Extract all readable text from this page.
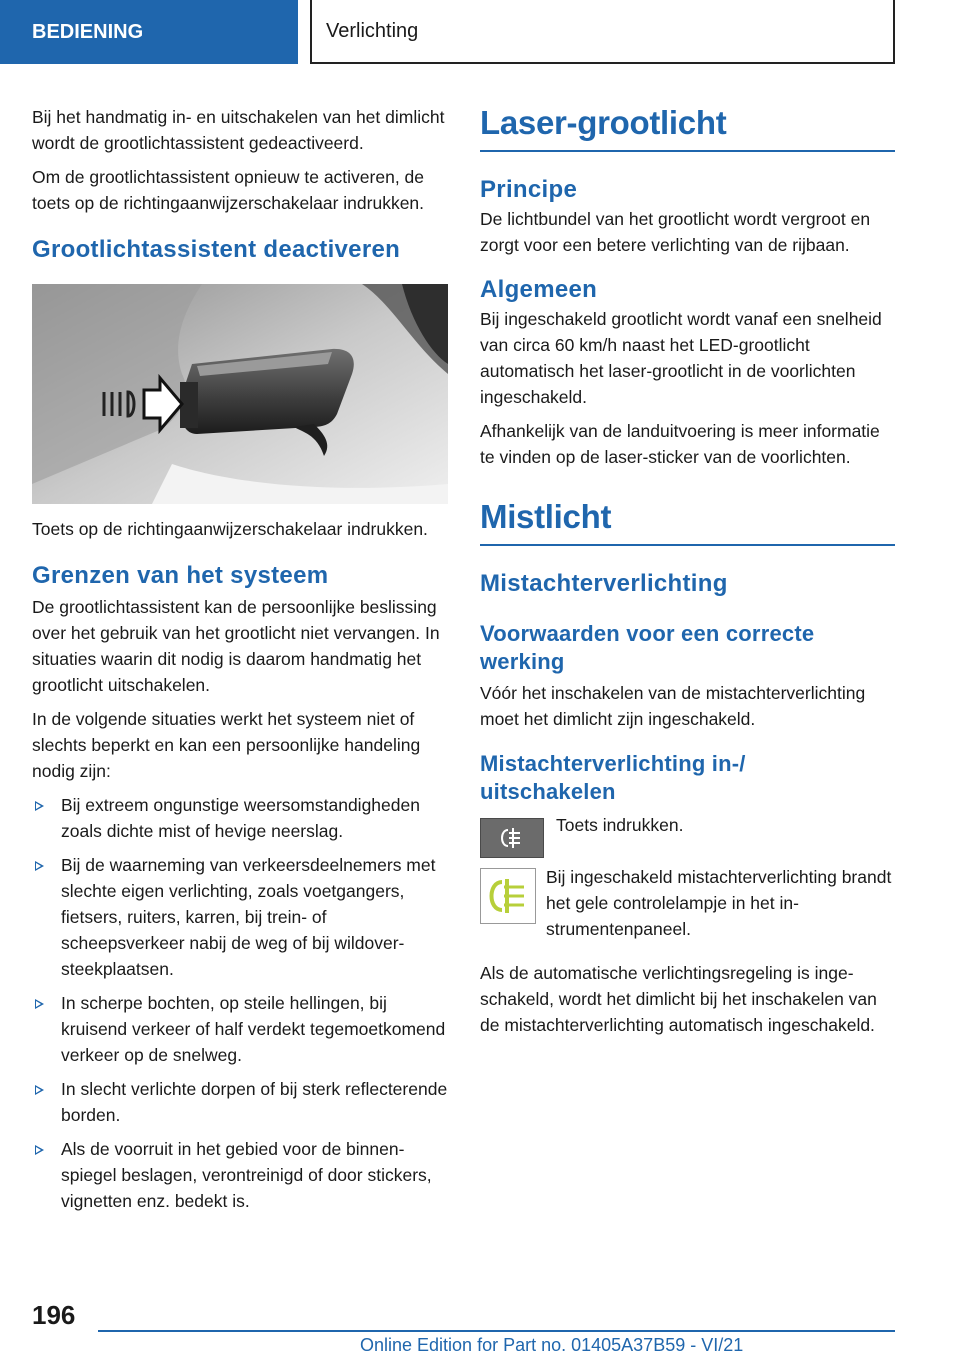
BEDIENING	Verlichting

Bij het handmatig in- en uitschakelen van het dimlicht wordt de grootlichtassistent gedeactiveerd.

Om de grootlichtassistent opnieuw te activeren, de toets op de richtingaanwijzerschakelaar indrukken.

Grootlichtassistent deactiveren

Toets op de richtingaanwijzerschakelaar indrukken.

Grenzen van het systeem

De grootlichtassistent kan de persoonlijke beslissing over het gebruik van het grootlicht niet vervangen. In situaties waarin dit nodig is daarom handmatig het grootlicht uitschakelen.

In de volgende situaties werkt het systeem niet of slechts beperkt en kan een persoonlijke handeling nodig zijn:

Bij extreem ongunstige weersomstandigheden zoals dichte mist of hevige neerslag.
Bij de waarneming van verkeersdeelnemers met slechte eigen verlichting, zoals voetgangers, fietsers, ruiters, karren, bij trein- of scheepsverkeer nabij de weg of bij wildoversteekplaatsen.
In scherpe bochten, op steile hellingen, bij kruisend verkeer of half verdekt tegemoetkomend verkeer op de snelweg.
In slecht verlichte dorpen of bij sterk reflecterende borden.
Als de voorruit in het gebied voor de binnenspiegel beslagen, verontreinigd of door stickers, vignetten enz. bedekt is.
Laser-grootlicht
Principe

De lichtbundel van het grootlicht wordt vergroot en zorgt voor een betere verlichting van de rijbaan.

Algemeen

Bij ingeschakeld grootlicht wordt vanaf een snelheid van circa 60 km/h naast het LED-grootlicht automatisch het laser-grootlicht in de voorlichten ingeschakeld.

Afhankelijk van de landuitvoering is meer informatie te vinden op de laser-sticker van de voorlichten.

Mistlicht
Mistachterverlichting
Voorwaarden voor een correcte werking

Vóór het inschakelen van de mistachterverlichting moet het dimlicht zijn ingeschakeld.

Mistachterverlichting in-/ uitschakelen

Toets indrukken.

Bij ingeschakeld mistachterverlichting brandt het gele controlelampje in het instrumentenpaneel.

Als de automatische verlichtingsregeling is ingeschakeld, wordt het dimlicht bij het inschakelen van de mistachterverlichting automatisch ingeschakeld.

196
Online Edition for Part no. 01405A37B59 - VI/21
